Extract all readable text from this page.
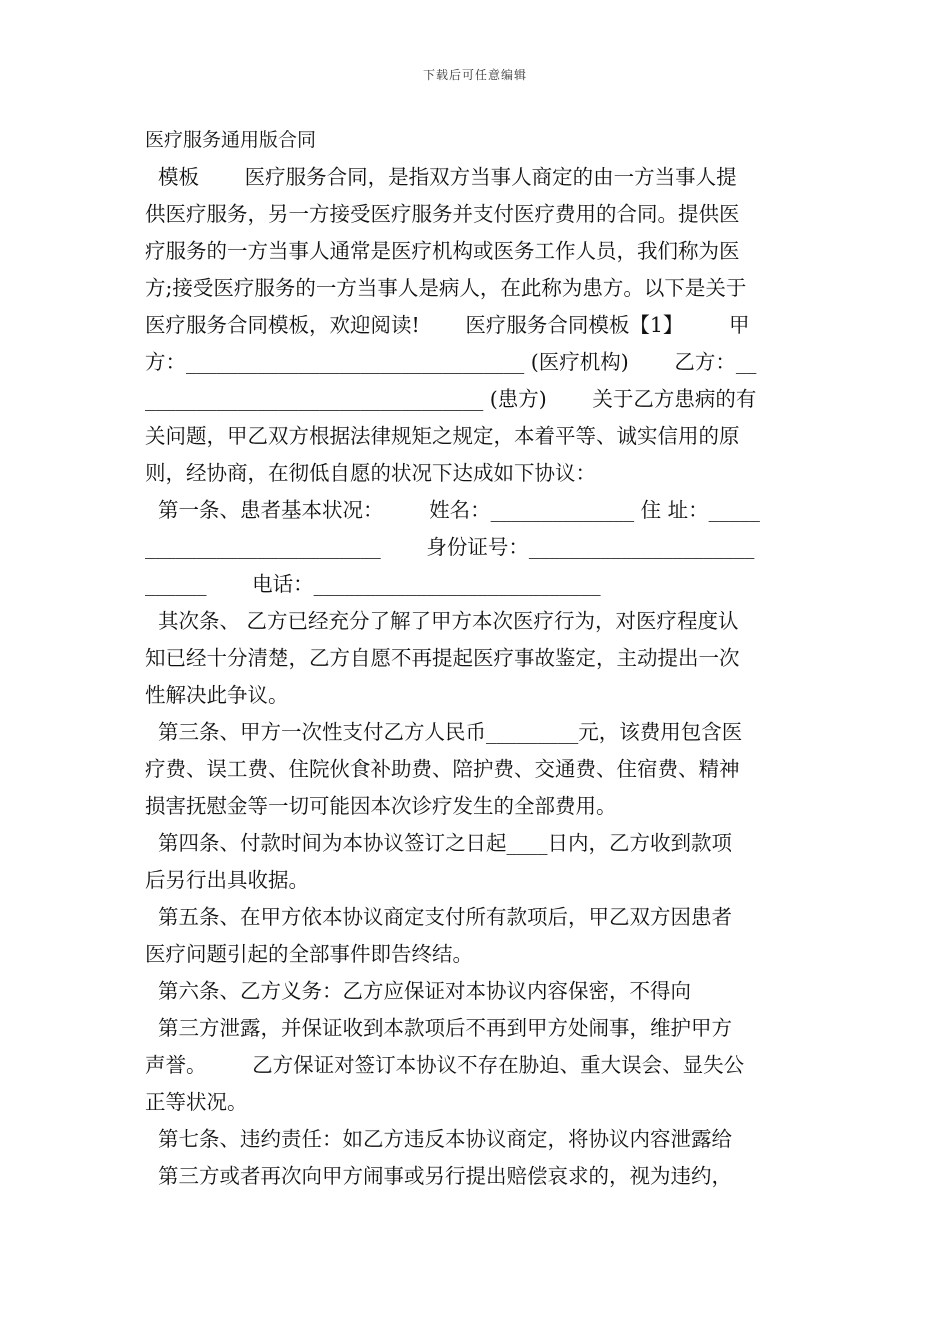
下载后可任意编辑
医疗服务通用版合同
模板       医疗服务合同，是指双方当事人商定的由一方当事人提
供医疗服务，另一方接受医疗服务并支付医疗费用的合同。提供医
疗服务的一方当事人通常是医疗机构或医务工作人员，我们称为医
方;接受医疗服务的一方当事人是病人，在此称为患方。以下是关于
医疗服务合同模板，欢迎阅读!       医疗服务合同模板【1】       甲
方：_________________________________ (医疗机构)       乙方：__
_________________________________ (患方)       关于乙方患病的有
关问题，甲乙双方根据法律规矩之规定，本着平等、诚实信用的原
则，经协商，在彻低自愿的状况下达成如下协议：
第一条、患者基本状况：       姓名：______________ 住 址：_____
_______________________       身份证号：______________________
______       电话：____________________________
其次条、 乙方已经充分了解了甲方本次医疗行为，对医疗程度认
知已经十分清楚，乙方自愿不再提起医疗事故鉴定，主动提出一次
性解决此争议。
第三条、甲方一次性支付乙方人民币_________元，该费用包含医
疗费、误工费、住院伙食补助费、陪护费、交通费、住宿费、精神
损害抚慰金等一切可能因本次诊疗发生的全部费用。
第四条、付款时间为本协议签订之日起____日内，乙方收到款项
后另行出具收据。
第五条、在甲方依本协议商定支付所有款项后，甲乙双方因患者
医疗问题引起的全部事件即告终结。
第六条、乙方义务：乙方应保证对本协议内容保密，不得向
第三方泄露，并保证收到本款项后不再到甲方处闹事，维护甲方
声誉。       乙方保证对签订本协议不存在胁迫、重大误会、显失公
正等状况。
第七条、违约责任：如乙方违反本协议商定，将协议内容泄露给
第三方或者再次向甲方闹事或另行提出赔偿哀求的，视为违约，
